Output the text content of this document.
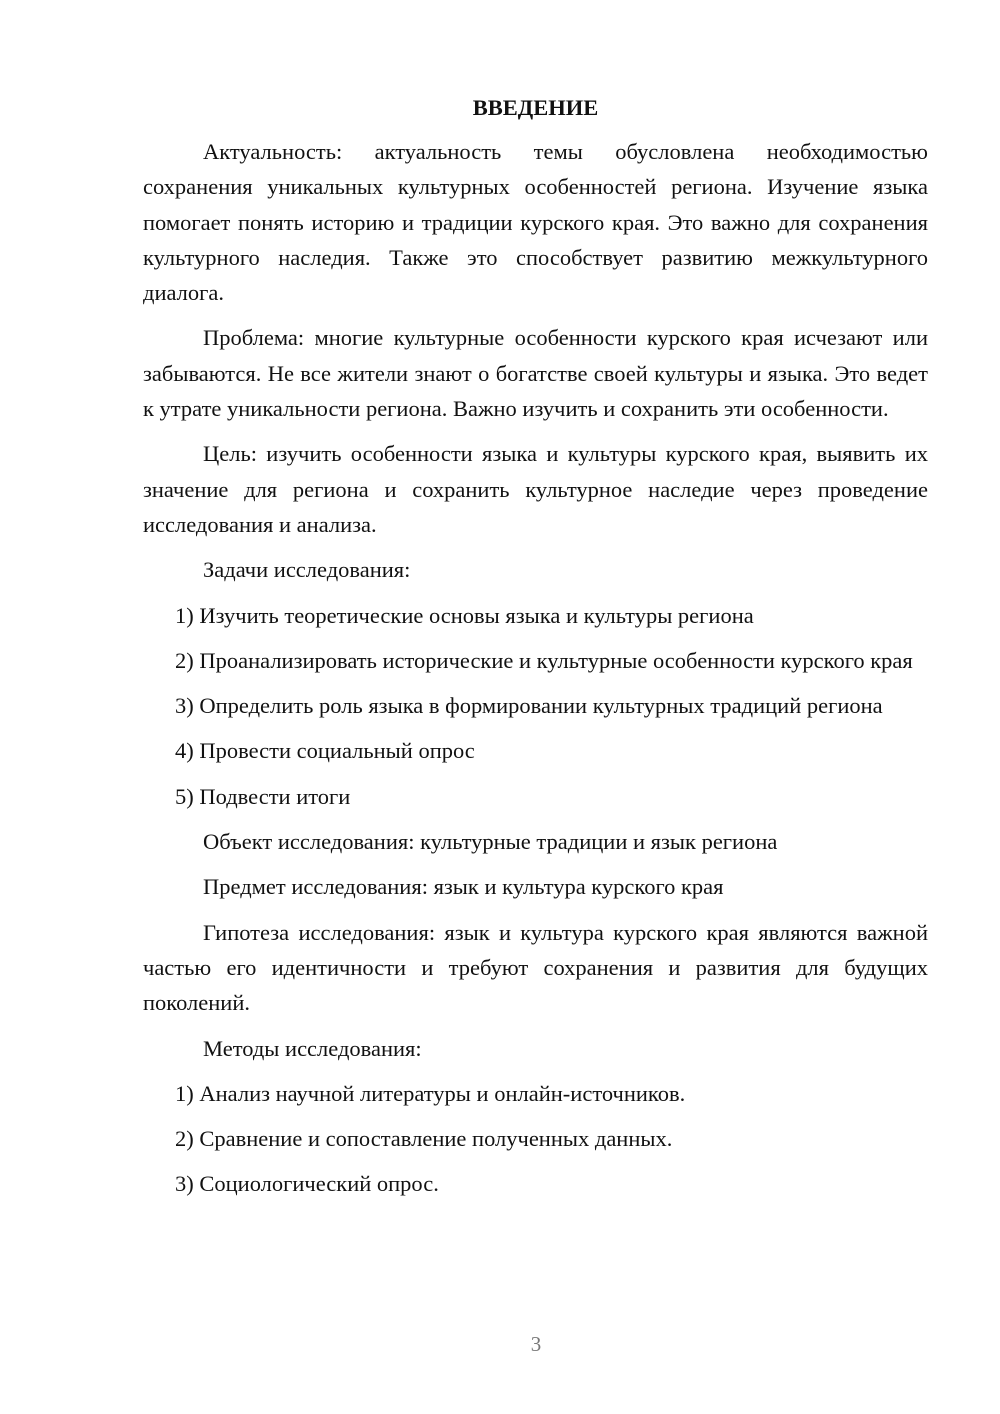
ВВЕДЕНИЕ

Актуальность: актуальность темы обусловлена необходимостью сохранения уникальных культурных особенностей региона. Изучение языка помогает понять историю и традиции курского края. Это важно для сохранения культурного наследия. Также это способствует развитию межкультурного диалога.

Проблема: многие культурные особенности курского края исчезают или забываются. Не все жители знают о богатстве своей культуры и языка. Это ведет к утрате уникальности региона. Важно изучить и сохранить эти особенности.

Цель: изучить особенности языка и культуры курского края, выявить их значение для региона и сохранить культурное наследие через проведение исследования и анализа.

Задачи исследования:

1) Изучить теоретические основы языка и культуры региона

2) Проанализировать исторические и культурные особенности курского края

3) Определить роль языка в формировании культурных традиций региона

4) Провести социальный опрос

5) Подвести итоги

Объект исследования: культурные традиции и язык региона

Предмет исследования: язык и культура курского края

Гипотеза исследования: язык и культура курского края являются важной частью его идентичности и требуют сохранения и развития для будущих поколений.

Методы исследования:

1) Анализ научной литературы и онлайн-источников.

2) Сравнение и сопоставление полученных данных.

3) Социологический опрос.

3
